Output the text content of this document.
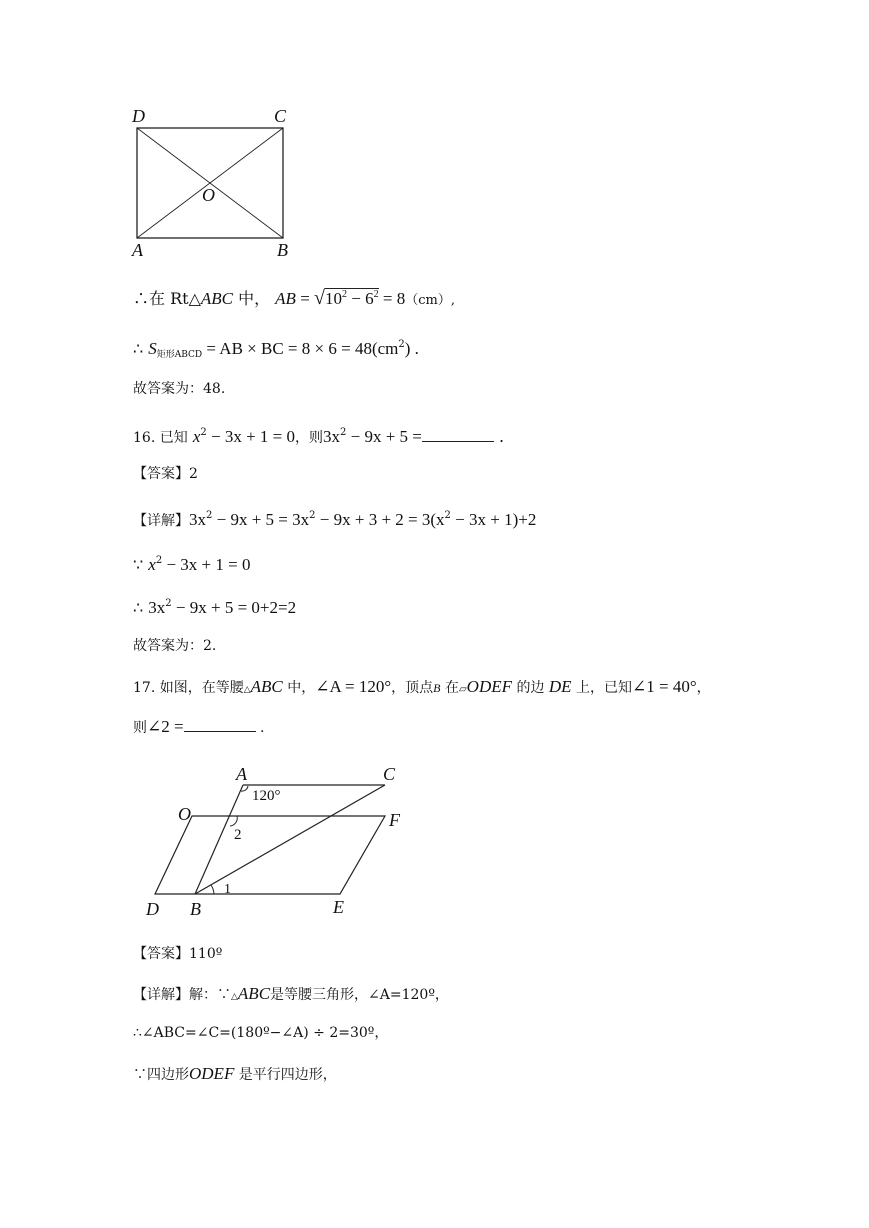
D	C
O
A	B
∴在 Rt△ABC 中， AB = $√10^2 - 6^2 = 8(cm)$,
∴ $S_{矩形ABCD}$ = AB × BC = $8 \times 6 = 48(cm^2)$ .
故答案为：48.
16. 已知 $x^2 - 3x + 1 = 0$，则$3x^2 - 9x + 5$ =	.
【答案】2
【详解】$3x^2 - 9x + 5 = 3x^2 - 9x + 3 + 2 = 3(x^2 - 3x + 1)+2$
∵ $x^2 - 3x + 1 = 0$
∴ $3x^2 - 9x + 5 = 0+2=2$
故答案为：2.
17. 如图，在等腰△ABC 中，∠A = 120°，顶点B 在▱ODEF 的边 DE 上，已知∠1 = 40°，
则∠2 =	.
A	C
120°
O	F
2
1
D B	E
【答案】110º
【详解】解：∵△ABC是等腰三角形，∠A=120º，
∴∠ABC=∠C=(180º−∠A) ÷ 2=30º，
∵四边形ODEF 是平行四边形，
